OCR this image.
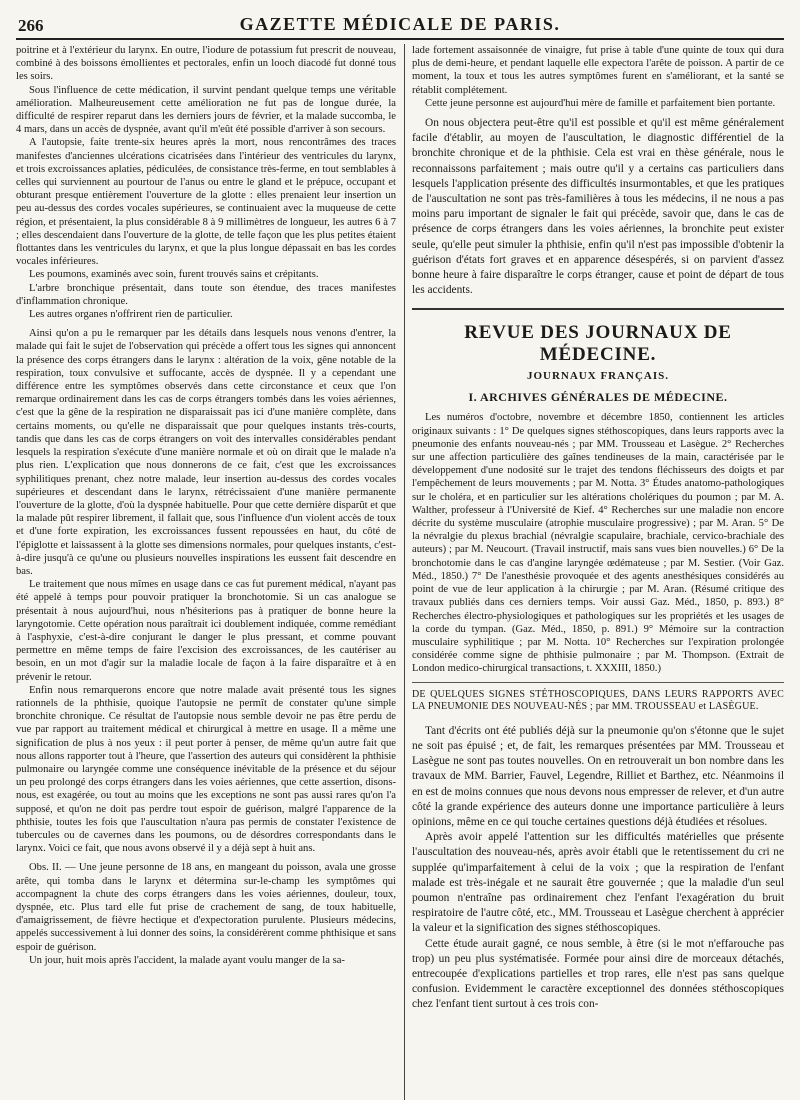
266	GAZETTE MÉDICALE DE PARIS.

poitrine et à l'extérieur du larynx. En outre, l'iodure de potassium fut prescrit de nouveau, combiné à des boissons émollientes et pectorales, enfin un looch diacodé fut donné tous les soirs.

Sous l'influence de cette médication, il survint pendant quelque temps une véritable amélioration. Malheureusement cette amélioration ne fut pas de longue durée, la difficulté de respirer reparut dans les derniers jours de février, et la malade succomba, le 4 mars, dans un accès de dyspnée, avant qu'il m'eût été possible d'arriver à son secours.

A l'autopsie, faite trente-six heures après la mort, nous rencontrâmes des traces manifestes d'anciennes ulcérations cicatrisées dans l'intérieur des ventricules du larynx, et trois excroissances aplaties, pédiculées, de consistance très-ferme, en tout semblables à celles qui surviennent au pourtour de l'anus ou entre le gland et le prépuce, occupant et obturant presque entièrement l'ouverture de la glotte : elles prenaient leur insertion un peu au-dessus des cordes vocales supérieures, se continuaient avec la muqueuse de cette région, et présentaient, la plus considérable 8 à 9 millimètres de longueur, les autres 6 à 7 ; elles descendaient dans l'ouverture de la glotte, de telle façon que les plus petites étaient flottantes dans les ventricules du larynx, et que la plus longue dépassait en bas les cordes vocales inférieures.

Les poumons, examinés avec soin, furent trouvés sains et crépitants.

L'arbre bronchique présentait, dans toute son étendue, des traces manifestes d'inflammation chronique.

Les autres organes n'offrirent rien de particulier.

Ainsi qu'on a pu le remarquer par les détails dans lesquels nous venons d'entrer, la malade qui fait le sujet de l'observation qui précède a offert tous les signes qui annoncent la présence des corps étrangers dans le larynx : altération de la voix, gêne notable de la respiration, toux convulsive et suffocante, accès de dyspnée. Il y a cependant une différence entre les symptômes observés dans cette circonstance et ceux que l'on remarque ordinairement dans les cas de corps étrangers tombés dans les voies aériennes, c'est que la gêne de la respiration ne disparaissait pas ici d'une manière complète, dans certains moments, ou qu'elle ne disparaissait que pour quelques instants très-courts, tandis que dans les cas de corps étrangers on voit des intervalles considérables pendant lesquels la respiration s'exécute d'une manière normale et où on dirait que le malade n'a plus rien. L'explication que nous donnerons de ce fait, c'est que les excroissances syphilitiques prenant, chez notre malade, leur insertion au-dessus des cordes vocales supérieures et descendant dans le larynx, rétrécissaient d'une manière permanente l'ouverture de la glotte, d'où la dyspnée habituelle. Pour que cette dernière disparût et que la malade pût respirer librement, il fallait que, sous l'influence d'un violent accès de toux et d'une forte expiration, les excroissances fussent repoussées en haut, du côté de l'épiglotte et laissassent à la glotte ses dimensions normales, pour quelques instants, c'est-à-dire jusqu'à ce qu'une ou plusieurs nouvelles inspirations les eussent fait descendre en bas.

Le traitement que nous mîmes en usage dans ce cas fut purement médical, n'ayant pas été appelé à temps pour pouvoir pratiquer la bronchotomie. Si un cas analogue se présentait à nous aujourd'hui, nous n'hésiterions pas à pratiquer de bonne heure la laryngotomie. Cette opération nous paraîtrait ici doublement indiquée, comme remédiant à l'asphyxie, c'est-à-dire conjurant le danger le plus pressant, et comme pouvant permettre en même temps de faire l'excision des excroissances, de les cautériser au besoin, en un mot d'agir sur la maladie locale de façon à la faire disparaître et à en prévenir le retour.

Enfin nous remarquerons encore que notre malade avait présenté tous les signes rationnels de la phthisie, quoique l'autopsie ne permît de constater qu'une simple bronchite chronique. Ce résultat de l'autopsie nous semble devoir ne pas être perdu de vue par rapport au traitement médical et chirurgical à mettre en usage. Il a même une signification de plus à nos yeux : il peut porter à penser, de même qu'un autre fait que nous allons rapporter tout à l'heure, que l'assertion des auteurs qui considèrent la phthisie pulmonaire ou laryngée comme une conséquence inévitable de la présence et du séjour un peu prolongé des corps étrangers dans les voies aériennes, que cette assertion, disons-nous, est exagérée, ou tout au moins que les exceptions ne sont pas aussi rares qu'on l'a supposé, et qu'on ne doit pas perdre tout espoir de guérison, malgré l'apparence de la phthisie, toutes les fois que l'auscultation n'aura pas permis de constater l'existence de tubercules ou de cavernes dans les poumons, ou de désordres correspondants dans le larynx. Voici ce fait, que nous avons observé il y a déjà sept à huit ans.

Obs. II. — Une jeune personne de 18 ans, en mangeant du poisson, avala une grosse arête, qui tomba dans le larynx et détermina sur-le-champ les symptômes qui accompagnent la chute des corps étrangers dans les voies aériennes, douleur, toux, dyspnée, etc. Plus tard elle fut prise de crachement de sang, de toux habituelle, d'amaigrissement, de fièvre hectique et d'expectoration purulente. Plusieurs médecins, appelés successivement à lui donner des soins, la considérèrent comme phthisique et sans espoir de guérison.

Un jour, huit mois après l'accident, la malade ayant voulu manger de la sa-

lade fortement assaisonnée de vinaigre, fut prise à table d'une quinte de toux qui dura plus de demi-heure, et pendant laquelle elle expectora l'arête de poisson. A partir de ce moment, la toux et tous les autres symptômes furent en s'améliorant, et la santé se rétablit complétement.

Cette jeune personne est aujourd'hui mère de famille et parfaitement bien portante.

On nous objectera peut-être qu'il est possible et qu'il est même généralement facile d'établir, au moyen de l'auscultation, le diagnostic différentiel de la bronchite chronique et de la phthisie. Cela est vrai en thèse générale, nous le reconnaissons parfaitement ; mais outre qu'il y a certains cas particuliers dans lesquels l'application présente des difficultés insurmontables, et que les pratiques de l'auscultation ne sont pas très-familières à tous les médecins, il ne nous a pas moins paru important de signaler le fait qui précède, savoir que, dans le cas de présence de corps étrangers dans les voies aériennes, la bronchite peut exister seule, qu'elle peut simuler la phthisie, enfin qu'il n'est pas impossible d'obtenir la guérison d'états fort graves et en apparence désespérés, si on parvient d'assez bonne heure à faire disparaître le corps étranger, cause et point de départ de tous les accidents.

REVUE DES JOURNAUX DE MÉDECINE.
JOURNAUX FRANÇAIS.
I. ARCHIVES GÉNÉRALES DE MÉDECINE.

Les numéros d'octobre, novembre et décembre 1850, contiennent les articles originaux suivants : 1° De quelques signes stéthoscopiques, dans leurs rapports avec la pneumonie des enfants nouveau-nés ; par MM. Trousseau et Lasègue. 2° Recherches sur une affection particulière des gaînes tendineuses de la main, caractérisée par le développement d'une nodosité sur le trajet des tendons fléchisseurs des doigts et par l'empêchement de leurs mouvements ; par M. Notta. 3° Études anatomo-pathologiques sur le choléra, et en particulier sur les altérations cholériques du poumon ; par M. A. Walther, professeur à l'Université de Kief. 4° Recherches sur une maladie non encore décrite du système musculaire (atrophie musculaire progressive) ; par M. Aran. 5° De la névralgie du plexus brachial (névralgie scapulaire, brachiale, cervico-brachiale des auteurs) ; par M. Neucourt. (Travail instructif, mais sans vues bien nouvelles.) 6° De la bronchotomie dans le cas d'angine laryngée œdémateuse ; par M. Sestier. (Voir Gaz. Méd., 1850.) 7° De l'anesthésie provoquée et des agents anesthésiques considérés au point de vue de leur application à la chirurgie ; par M. Aran. (Résumé critique des travaux publiés dans ces derniers temps. Voir aussi Gaz. Méd., 1850, p. 893.) 8° Recherches électro-physiologiques et pathologiques sur les propriétés et les usages de la corde du tympan. (Gaz. Méd., 1850, p. 891.) 9° Mémoire sur la contraction musculaire syphilitique ; par M. Notta. 10° Recherches sur l'expiration prolongée considérée comme signe de phthisie pulmonaire ; par M. Thompson. (Extrait de London medico-chirurgical transactions, t. XXXIII, 1850.)

DE QUELQUES SIGNES STÉTHOSCOPIQUES, DANS LEURS RAPPORTS AVEC LA PNEUMONIE DES NOUVEAU-NÉS ; par MM. TROUSSEAU et LASÈGUE.

Tant d'écrits ont été publiés déjà sur la pneumonie qu'on s'étonne que le sujet ne soit pas épuisé ; et, de fait, les remarques présentées par MM. Trousseau et Lasègue ne sont pas toutes nouvelles. On en retrouverait un bon nombre dans les travaux de MM. Barrier, Fauvel, Legendre, Rilliet et Barthez, etc. Néanmoins il en est de moins connues que nous devons nous empresser de relever, et d'un autre côté la grande expérience des auteurs donne une importance particulière à leurs opinions, même en ce qui touche certaines questions déjà étudiées et résolues.

Après avoir appelé l'attention sur les difficultés matérielles que présente l'auscultation des nouveau-nés, après avoir établi que le retentissement du cri ne supplée qu'imparfaitement à celui de la voix ; que la respiration de l'enfant malade est très-inégale et ne saurait être gouvernée ; que la maladie d'un seul poumon n'entraîne pas ordinairement chez l'enfant l'exagération du bruit respiratoire de l'autre côté, etc., MM. Trousseau et Lasègue cherchent à apprécier la valeur et la signification des signes stéthoscopiques.

Cette étude aurait gagné, ce nous semble, à être (si le mot n'effarouche pas trop) un peu plus systématisée. Formée pour ainsi dire de morceaux détachés, entrecoupée d'explications partielles et trop rares, elle n'est pas sans quelque confusion. Evidemment le caractère exceptionnel des données stéthoscopiques chez l'enfant tient surtout à ces trois con-
